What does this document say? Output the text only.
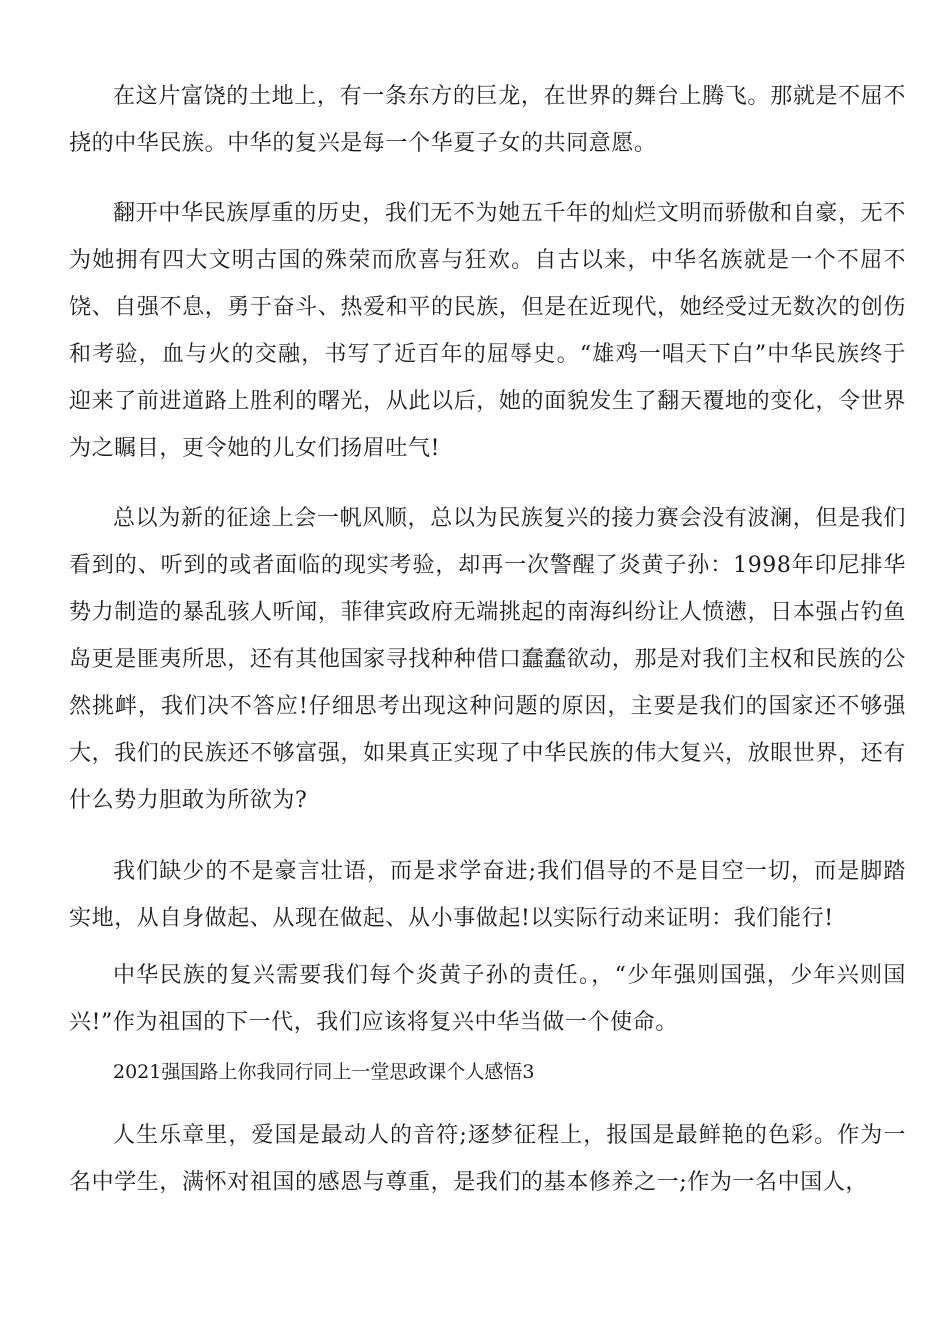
在这片富饶的土地上，有一条东方的巨龙，在世界的舞台上腾飞。那就是不屈不挠的中华民族。中华的复兴是每一个华夏子女的共同意愿。

翻开中华民族厚重的历史，我们无不为她五千年的灿烂文明而骄傲和自豪，无不为她拥有四大文明古国的殊荣而欣喜与狂欢。自古以来，中华名族就是一个不屈不饶、自强不息，勇于奋斗、热爱和平的民族，但是在近现代，她经受过无数次的创伤和考验，血与火的交融，书写了近百年的屈辱史。“雄鸡一唱天下白”中华民族终于迎来了前进道路上胜利的曙光，从此以后，她的面貌发生了翻天覆地的变化，令世界为之瞩目，更令她的儿女们扬眉吐气!

总以为新的征途上会一帆风顺，总以为民族复兴的接力赛会没有波澜，但是我们看到的、听到的或者面临的现实考验，却再一次警醒了炎黄子孙：1998年印尼排华势力制造的暴乱骇人听闻，菲律宾政府无端挑起的南海纠纷让人愤懑，日本强占钓鱼岛更是匪夷所思，还有其他国家寻找种种借口蠢蠢欲动，那是对我们主权和民族的公然挑衅，我们决不答应!仔细思考出现这种问题的原因，主要是我们的国家还不够强大，我们的民族还不够富强，如果真正实现了中华民族的伟大复兴，放眼世界，还有什么势力胆敢为所欲为?

我们缺少的不是豪言壮语，而是求学奋进;我们倡导的不是目空一切，而是脚踏实地，从自身做起、从现在做起、从小事做起!以实际行动来证明：我们能行!

中华民族的复兴需要我们每个炎黄子孙的责任。，“少年强则国强，少年兴则国兴!”作为祖国的下一代，我们应该将复兴中华当做一个使命。

2021强国路上你我同行同上一堂思政课个人感悟3

人生乐章里，爱国是最动人的音符;逐梦征程上，报国是最鲜艳的色彩。作为一名中学生，满怀对祖国的感恩与尊重，是我们的基本修养之一;作为一名中国人，
